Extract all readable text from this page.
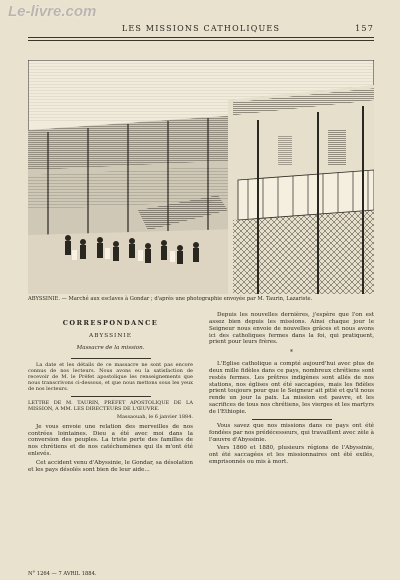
Le-livre.com
LES MISSIONS CATHOLIQUES	157
ABYSSINIE. — Marché aux esclaves à Gondar ; d'après une photographie envoyée par M. Taurin, Lazariste.
CORRESPONDANCE
ABYSSINIE
Massacre de la mission.

La date et les détails de ce massacre ne sont pas encore connus de nos lecteurs. Nous avons eu la satisfaction de recevoir de M. le Préfet apostolique les renseignements que nous transcrivons ci-dessous, et que nous mettons sous les yeux de nos lecteurs.

LETTRE DE M. TAURIN, PRÉFET APOSTOLIQUE DE LA MISSION, A MM. LES DIRECTEURS DE L'ŒUVRE.

Massaouah, le 6 janvier 1884.

Je vous envoie une relation des merveilles de nos contrées lointaines. Dieu a été avec moi dans la conversion des peuples. La triste perte des familles de nos chrétiens et de nos catéchumènes qui ils m'ont été enlevés.

Cet accident venu d'Abyssinie, le Gondar, sa désolation et les pays désolés sont bien de leur aide...

Depuis les nouvelles dernières, j'espère que l'on est assez bien depuis les missions. Ainsi chaque jour le Seigneur nous envoie de nouvelles grâces et nous avons ici des catholiques fermes dans la foi, qui pratiquent, prient pour leurs frères.

*

L'Eglise catholique a compté aujourd'hui avec plus de deux mille fidèles dans ce pays, nombreux chrétiens sont restés fermes. Les prêtres indigènes sont allés de nos stations, nos églises ont été saccagées, mais les fidèles prient toujours pour que le Seigneur ait pitié et qu'il nous rende un jour la paix. La mission est pauvre, et les sacrifices de tous nos chrétiens, les vierges et les martyrs de l'Ethiopie.

Vous savez que nos missions dans ce pays ont été fondées par nos prédécesseurs, qui travaillent avec zèle à l'œuvre d'Abyssinie.

Vers 1860 et 1880, plusieurs régions de l'Abyssinie, ont été saccagées et les missionnaires ont été exilés, emprisonnés ou mis à mort.

N° 1264 — 7 AVRIL 1884.
